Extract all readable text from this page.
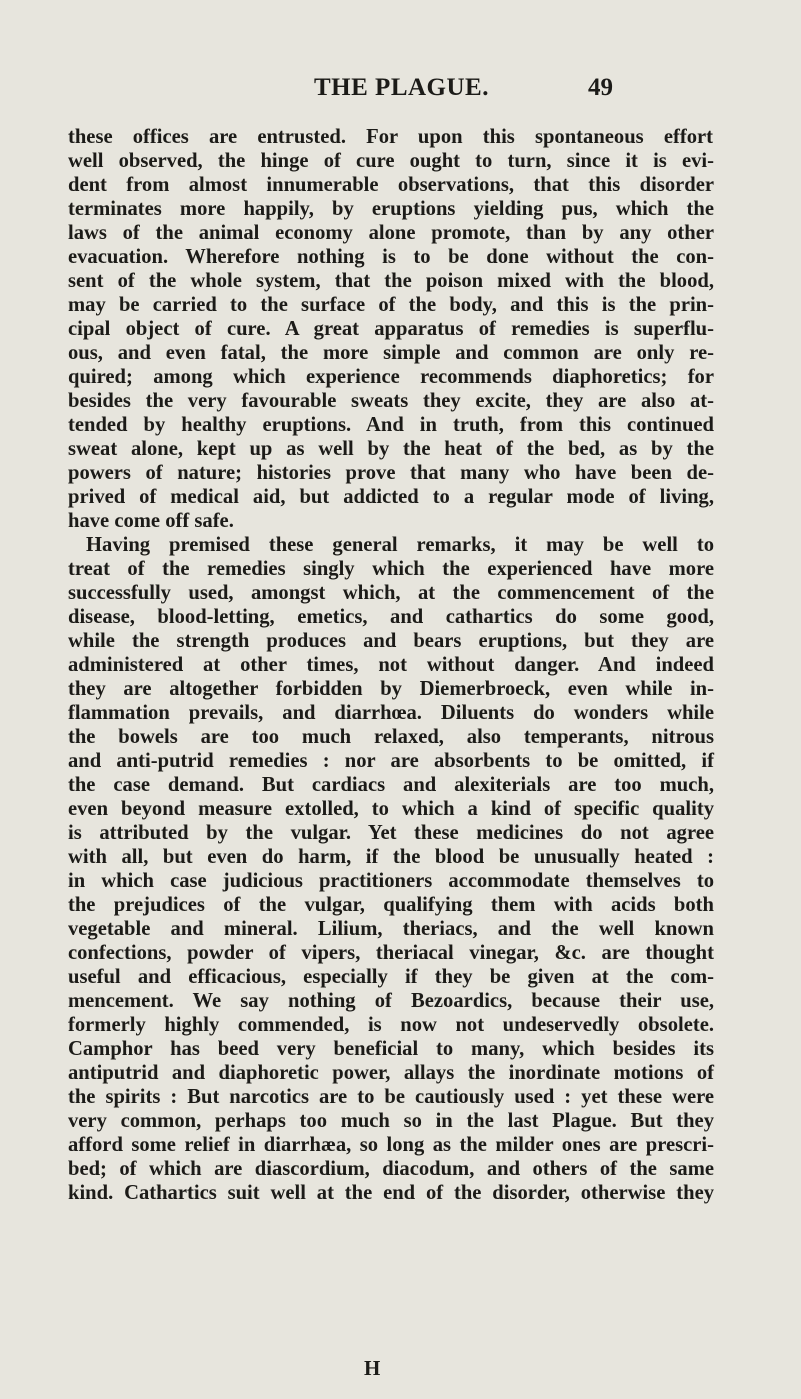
THE PLAGUE.	49
these offices are entrusted. For upon this spontaneous effort
well observed, the hinge of cure ought to turn, since it is evi-
dent from almost innumerable observations, that this disorder
terminates more happily, by eruptions yielding pus, which the
laws of the animal economy alone promote, than by any other
evacuation. Wherefore nothing is to be done without the con-
sent of the whole system, that the poison mixed with the blood,
may be carried to the surface of the body, and this is the prin-
cipal object of cure. A great apparatus of remedies is superflu-
ous, and even fatal, the more simple and common are only re-
quired; among which experience recommends diaphoretics; for
besides the very favourable sweats they excite, they are also at-
tended by healthy eruptions. And in truth, from this continued
sweat alone, kept up as well by the heat of the bed, as by the
powers of nature; histories prove that many who have been de-
prived of medical aid, but addicted to a regular mode of living,
have come off safe.
Having premised these general remarks, it may be well to
treat of the remedies singly which the experienced have more
successfully used, amongst which, at the commencement of the
disease, blood-letting, emetics, and cathartics do some good,
while the strength produces and bears eruptions, but they are
administered at other times, not without danger. And indeed
they are altogether forbidden by Diemerbroeck, even while in-
flammation prevails, and diarrhœa. Diluents do wonders while
the bowels are too much relaxed, also temperants, nitrous
and anti-putrid remedies : nor are absorbents to be omitted, if
the case demand. But cardiacs and alexiterials are too much,
even beyond measure extolled, to which a kind of specific quality
is attributed by the vulgar. Yet these medicines do not agree
with all, but even do harm, if the blood be unusually heated :
in which case judicious practitioners accommodate themselves to
the prejudices of the vulgar, qualifying them with acids both
vegetable and mineral. Lilium, theriacs, and the well known
confections, powder of vipers, theriacal vinegar, &c. are thought
useful and efficacious, especially if they be given at the com-
mencement. We say nothing of Bezoardics, because their use,
formerly highly commended, is now not undeservedly obsolete.
Camphor has beed very beneficial to many, which besides its
antiputrid and diaphoretic power, allays the inordinate motions of
the spirits : But narcotics are to be cautiously used : yet these were
very common, perhaps too much so in the last Plague. But they
afford some relief in diarrhæa, so long as the milder ones are prescri-
bed; of which are diascordium, diacodum, and others of the same
kind. Cathartics suit well at the end of the disorder, otherwise they
H
